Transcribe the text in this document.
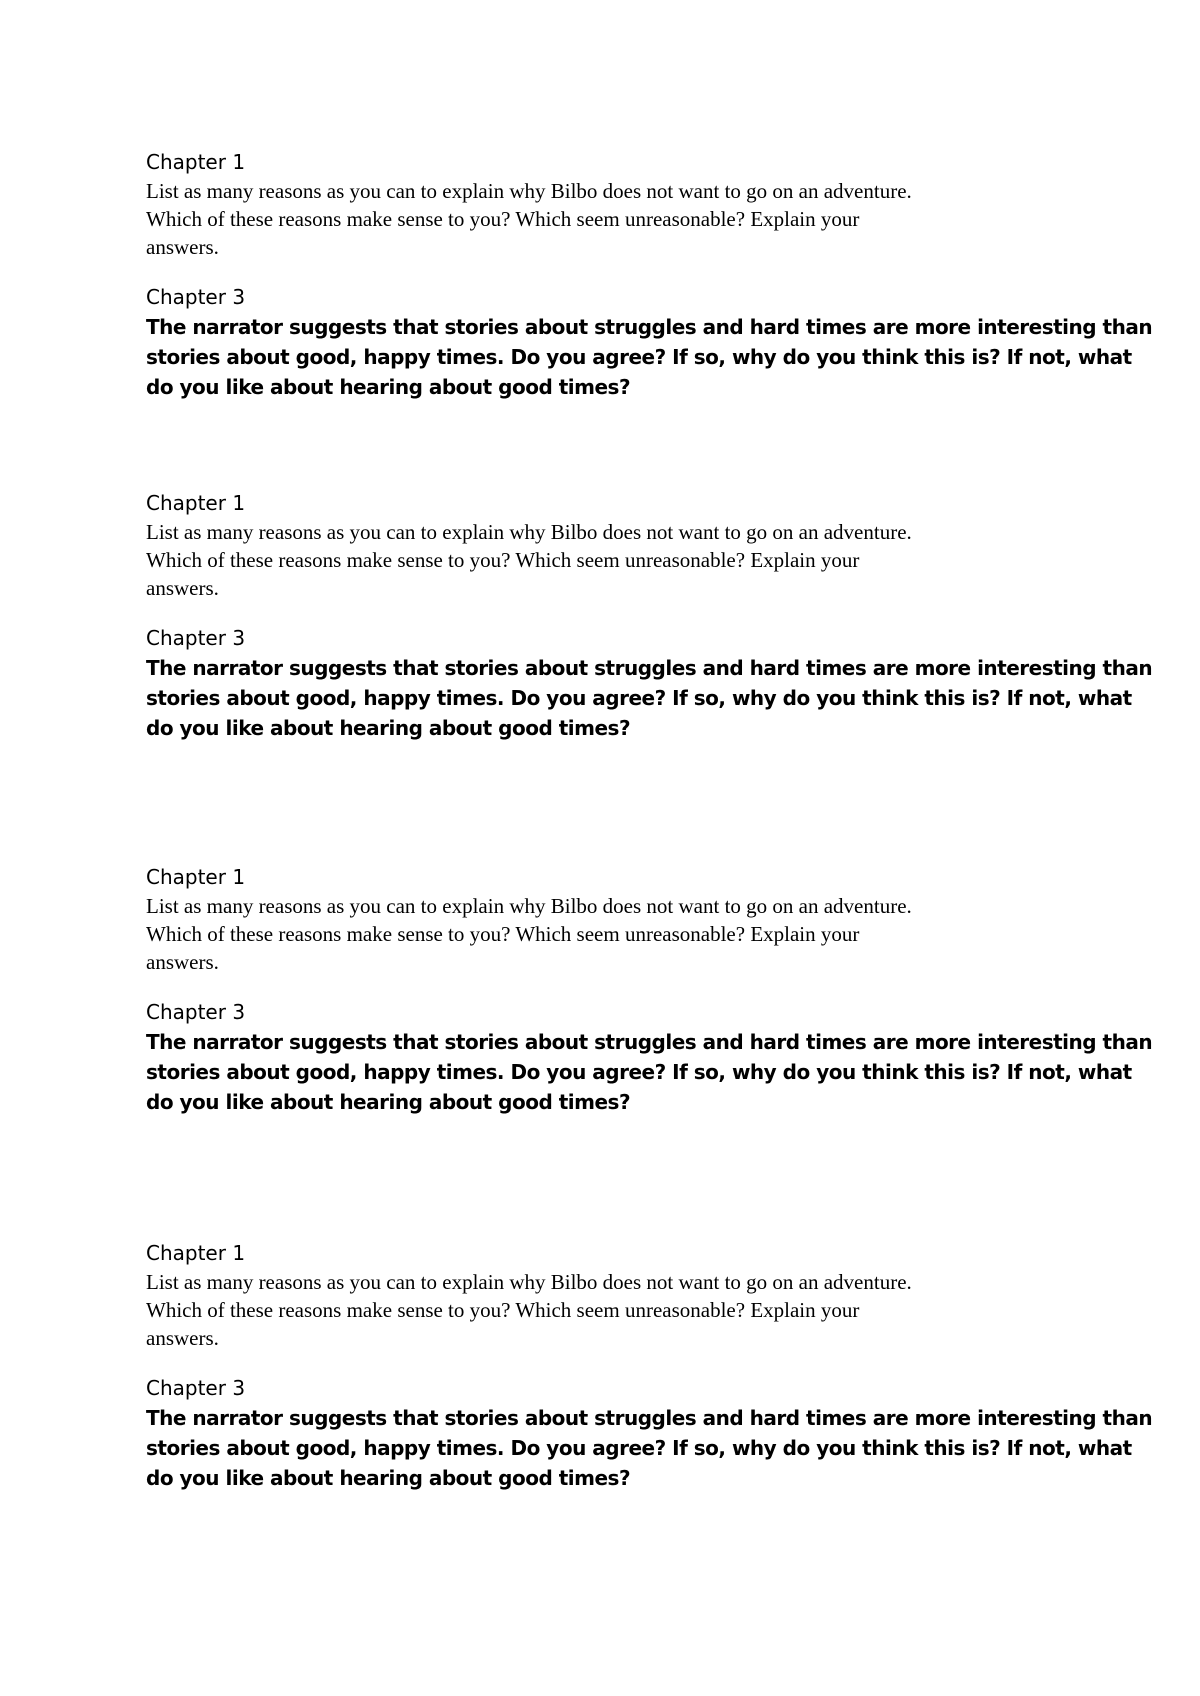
Chapter 1

List as many reasons as you can to explain why Bilbo does not want to go on an adventure.
Which of these reasons make sense to you? Which seem unreasonable? Explain your
answers.

Chapter 3

The narrator suggests that stories about struggles and hard times are more interesting than
stories about good, happy times. Do you agree? If so, why do you think this is? If not, what
do you like about hearing about good times?

Chapter 1

List as many reasons as you can to explain why Bilbo does not want to go on an adventure.
Which of these reasons make sense to you? Which seem unreasonable? Explain your
answers.

Chapter 3

The narrator suggests that stories about struggles and hard times are more interesting than
stories about good, happy times. Do you agree? If so, why do you think this is? If not, what
do you like about hearing about good times?

Chapter 1

List as many reasons as you can to explain why Bilbo does not want to go on an adventure.
Which of these reasons make sense to you? Which seem unreasonable? Explain your
answers.

Chapter 3

The narrator suggests that stories about struggles and hard times are more interesting than
stories about good, happy times. Do you agree? If so, why do you think this is? If not, what
do you like about hearing about good times?

Chapter 1

List as many reasons as you can to explain why Bilbo does not want to go on an adventure.
Which of these reasons make sense to you? Which seem unreasonable? Explain your
answers.

Chapter 3

The narrator suggests that stories about struggles and hard times are more interesting than
stories about good, happy times. Do you agree? If so, why do you think this is? If not, what
do you like about hearing about good times?
